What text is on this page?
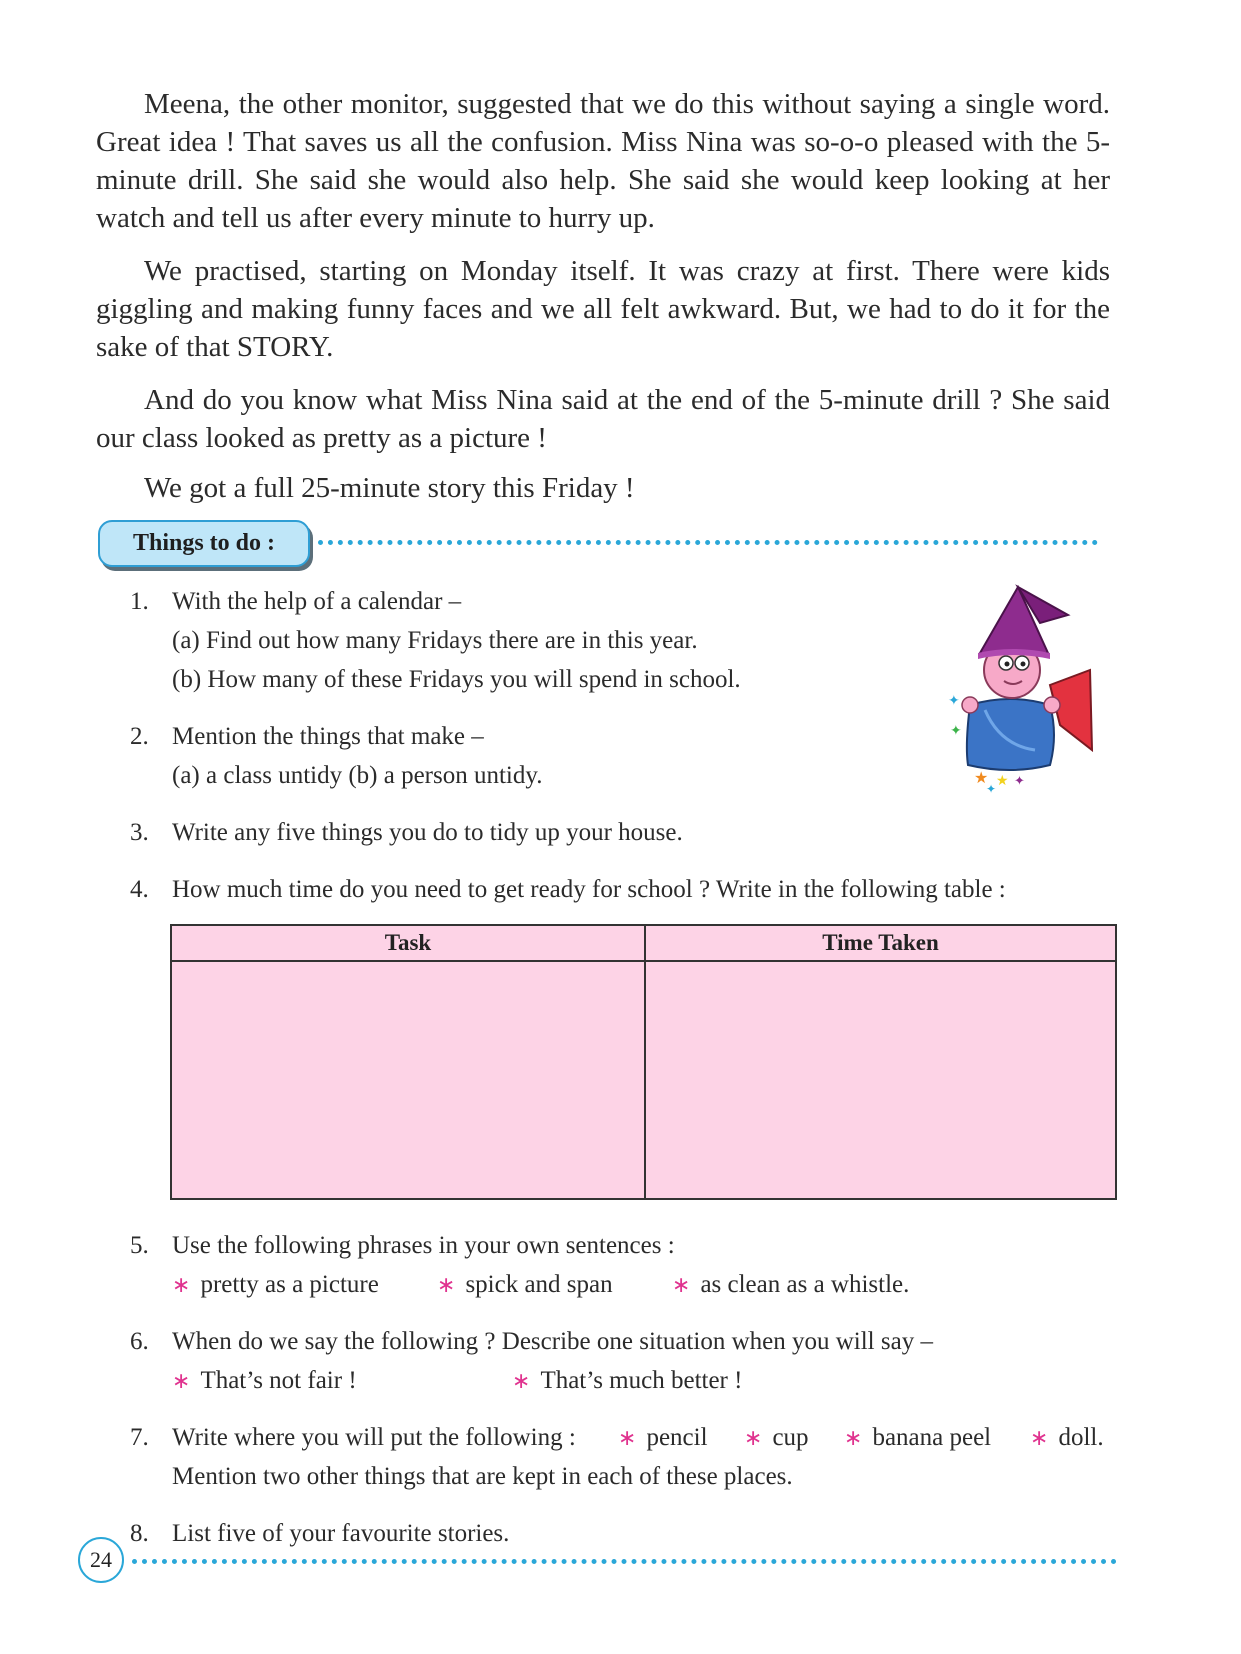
Meena, the other monitor, suggested that we do this without saying a single word. Great idea ! That saves us all the confusion. Miss Nina was so-o-o pleased with the 5-minute drill. She said she would also help. She said she would keep looking at her watch and tell us after every minute to hurry up.

We practised, starting on Monday itself. It was crazy at first. There were kids giggling and making funny faces and we all felt awkward. But, we had to do it for the sake of that STORY.

And do you know what Miss Nina said at the end of the 5-minute drill ? She said our class looked as pretty as a picture !

We got a full 25-minute story this Friday !

Things to do :
1. With the help of a calendar –
(a) Find out how many Fridays there are in this year.
(b) How many of these Fridays you will spend in school.
2. Mention the things that make –
(a) a class untidy (b) a person untidy.
3. Write any five things you do to tidy up your house.
4. How much time do you need to get ready for school ? Write in the following table :
Task	Time Taken
5. Use the following phrases in your own sentences :
∗ pretty as a picture	∗ spick and span	∗ as clean as a whistle.
6. When do we say the following ? Describe one situation when you will say –
∗ That’s not fair !	∗ That’s much better !
7. Write where you will put the following : ∗ pencil ∗ cup ∗ banana peel ∗ doll.
Mention two other things that are kept in each of these places.
8. List five of your favourite stories.
24
✦
✦
★ ★ ✦
✦
